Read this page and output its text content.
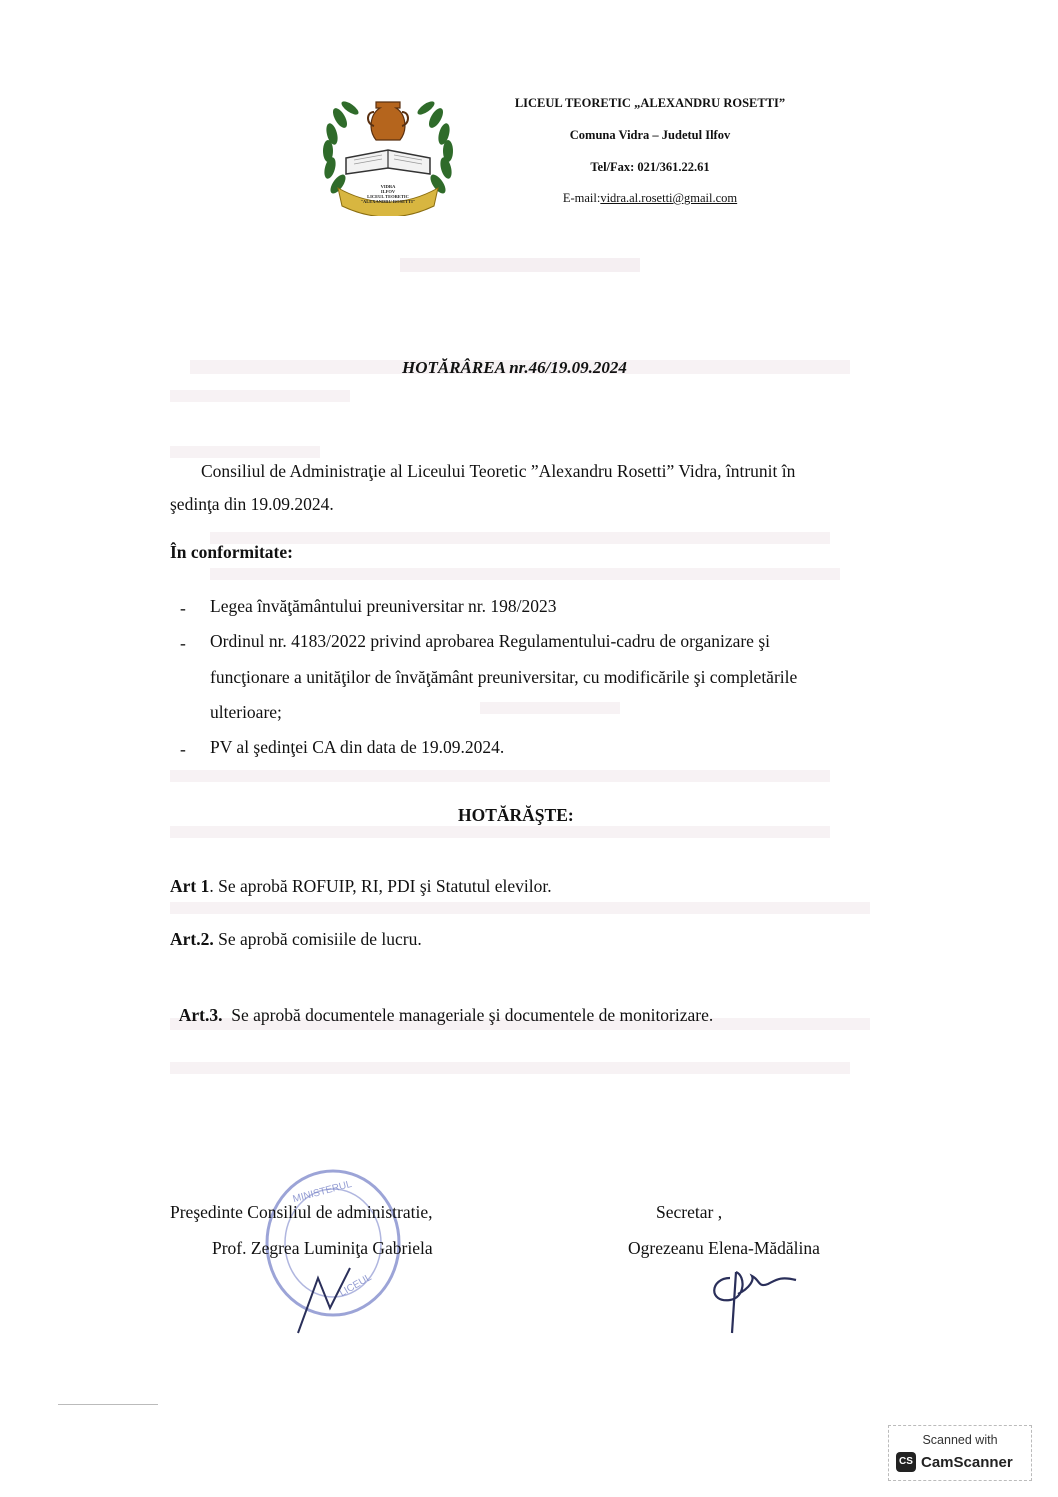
VIDRA
ILFOV
LICEUL TEORETIC
"ALEXANDRU ROSETTI"
LICEUL TEORETIC „ALEXANDRU ROSETTI”
Comuna Vidra – Judetul Ilfov
Tel/Fax: 021/361.22.61
E-mail:vidra.al.rosetti@gmail.com
HOTĂRÂREA nr.46/19.09.2024
Consiliul de Administraţie al Liceului Teoretic ”Alexandru Rosetti” Vidra, întrunit în
şedinţa din 19.09.2024.
În conformitate:
- Legea învăţământului preuniversitar nr. 198/2023
- Ordinul nr. 4183/2022 privind aprobarea Regulamentului-cadru de organizare şi
funcţionare a unităţilor de învăţământ preuniversitar, cu modificările şi completările
ulterioare;
- PV al şedinţei CA din data de 19.09.2024.
HOTĂRĂŞTE:
Art 1. Se aprobă ROFUIP, RI, PDI şi Statutul elevilor.
Art.2. Se aprobă comisiile de lucru.

Art.3.  Se aprobă documentele manageriale şi documentele de monitorizare.

MINISTERUL
LICEUL
Preşedinte Consiliul de administratie,
Prof. Zegrea Luminiţa Gabriela
Secretar ,
Ogrezeanu Elena-Mădălina
Scanned with
CS CamScanner
